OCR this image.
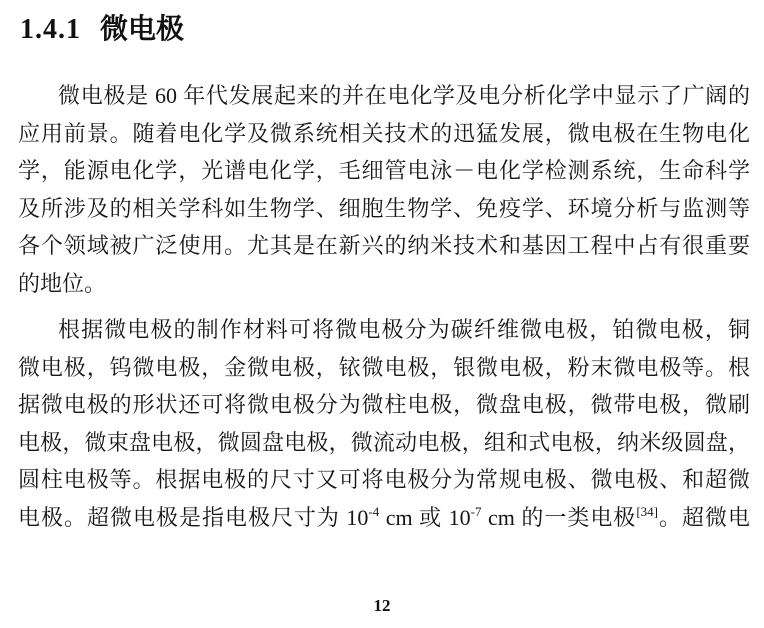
1.4.1 微电极
微电极是 60 年代发展起来的并在电化学及电分析化学中显示了广阔的
应用前景。随着电化学及微系统相关技术的迅猛发展，微电极在生物电化
学，能源电化学，光谱电化学，毛细管电泳－电化学检测系统，生命科学
及所涉及的相关学科如生物学、细胞生物学、免疫学、环境分析与监测等
各个领域被广泛使用。尤其是在新兴的纳米技术和基因工程中占有很重要
的地位。
根据微电极的制作材料可将微电极分为碳纤维微电极，铂微电极，铜
微电极，钨微电极，金微电极，铱微电极，银微电极，粉末微电极等。根
据微电极的形状还可将微电极分为微柱电极，微盘电极，微带电极，微刷
电极，微束盘电极，微圆盘电极，微流动电极，组和式电极，纳米级圆盘，
圆柱电极等。根据电极的尺寸又可将电极分为常规电极、微电极、和超微
电极。超微电极是指电极尺寸为 $10^{-4}$ cm 或 $10^{-7}$ cm 的一类电极[34]。超微电
12
